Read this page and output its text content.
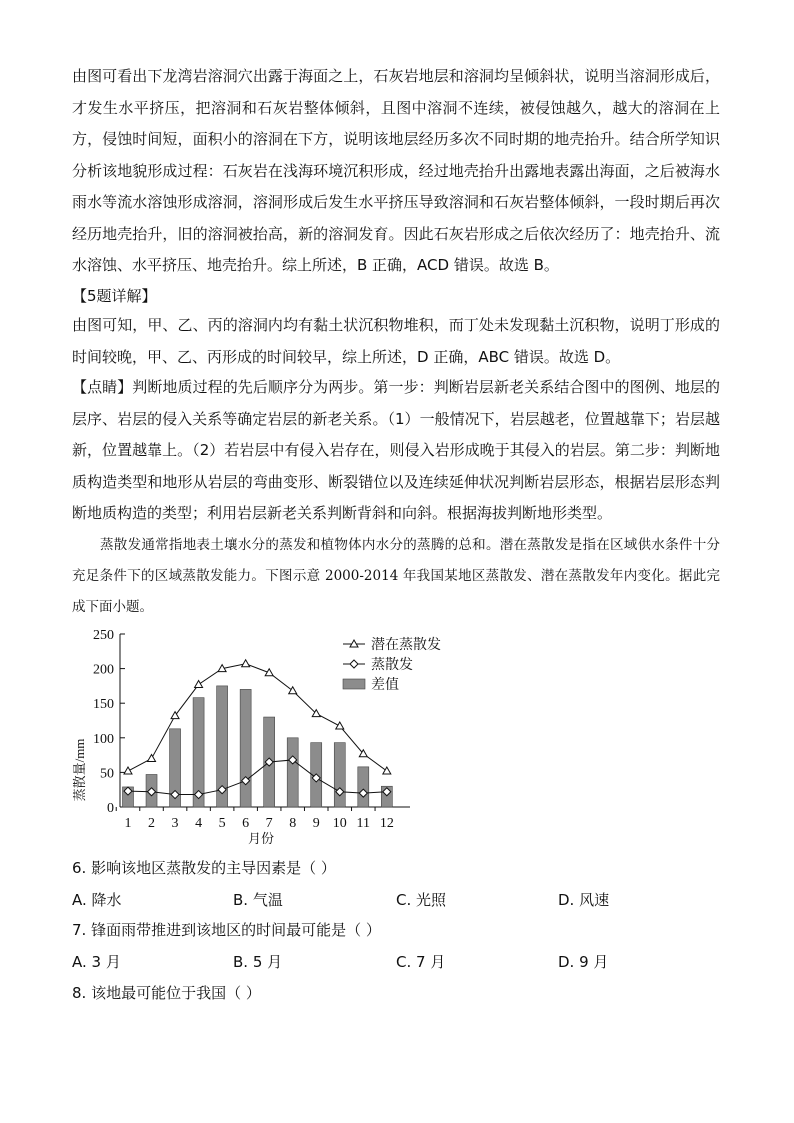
由图可看出下龙湾岩溶洞穴出露于海面之上，石灰岩地层和溶洞均呈倾斜状，说明当溶洞形成后，才发生水平挤压，把溶洞和石灰岩整体倾斜，且图中溶洞不连续，被侵蚀越久，越大的溶洞在上方，侵蚀时间短，面积小的溶洞在下方，说明该地层经历多次不同时期的地壳抬升。结合所学知识分析该地貌形成过程：石灰岩在浅海环境沉积形成，经过地壳抬升出露地表露出海面，之后被海水雨水等流水溶蚀形成溶洞，溶洞形成后发生水平挤压导致溶洞和石灰岩整体倾斜，一段时期后再次经历地壳抬升，旧的溶洞被抬高，新的溶洞发育。因此石灰岩形成之后依次经历了：地壳抬升、流水溶蚀、水平挤压、地壳抬升。综上所述，B 正确，ACD 错误。故选 B。

【5题详解】

由图可知，甲、乙、丙的溶洞内均有黏土状沉积物堆积，而丁处未发现黏土沉积物，说明丁形成的时间较晚，甲、乙、丙形成的时间较早，综上所述，D 正确，ABC 错误。故选 D。

【点睛】判断地质过程的先后顺序分为两步。第一步：判断岩层新老关系结合图中的图例、地层的层序、岩层的侵入关系等确定岩层的新老关系。（1）一般情况下，岩层越老，位置越靠下；岩层越新，位置越靠上。（2）若岩层中有侵入岩存在，则侵入岩形成晚于其侵入的岩层。第二步：判断地质构造类型和地形从岩层的弯曲变形、断裂错位以及连续延伸状况判断岩层形态，根据岩层形态判断地质构造的类型；利用岩层新老关系判断背斜和向斜。根据海拔判断地形类型。

蒸散发通常指地表土壤水分的蒸发和植物体内水分的蒸腾的总和。潜在蒸散发是指在区域供水条件十分充足条件下的区域蒸散发能力。下图示意 2000-2014 年我国某地区蒸散发、潜在蒸散发年内变化。据此完成下面小题。

0
50
100
150
200
250
1 2 3 4 5 6 7 8 9 10 11 12
潜在蒸散发
蒸散发
差值
蒸散量/mm
月份
6. 影响该地区蒸散发的主导因素是（ ）
A. 降水	B. 气温	C. 光照	D. 风速
7. 锋面雨带推进到该地区的时间最可能是（ ）
A. 3 月	B. 5 月	C. 7 月	D. 9 月
8. 该地最可能位于我国（ ）
